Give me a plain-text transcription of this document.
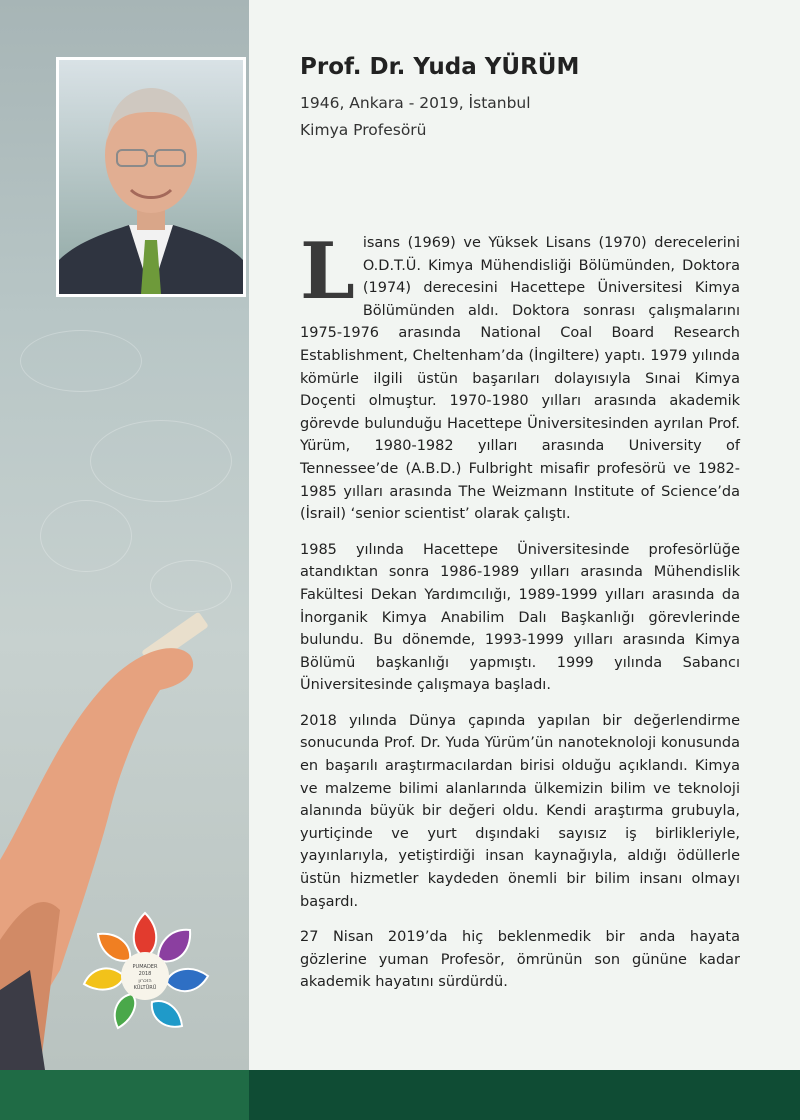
Prof. Dr. Yuda YÜRÜM

1946, Ankara - 2019, İstanbul

Kimya Profesörü

Lisans (1969) ve Yüksek Lisans (1970) derecelerini O.D.T.Ü. Kimya Mühendisliği Bölümünden, Doktora (1974) derecesini Hacettepe Üniversitesi Kimya Bölümünden aldı. Doktora sonrası çalışmalarını 1975-1976 arasında National Coal Board Research Establishment, Cheltenham’da (İngiltere) yaptı. 1979 yılında kömürle ilgili üstün başarıları dolayısıyla Sınai Kimya Doçenti olmuştur. 1970-1980 yılları arasında akademik görevde bulunduğu Hacettepe Üniversitesinden ayrılan Prof. Yürüm, 1980-1982 yılları arasında University of Tennessee’de (A.B.D.) Fulbright misafir profesörü ve 1982-1985 yılları arasında The Weizmann Institute of Science’da (İsrail) ‘senior scientist’ olarak çalıştı.

1985 yılında Hacettepe Üniversitesinde profesörlüğe atandıktan sonra 1986-1989 yılları arasında Mühendislik Fakültesi Dekan Yardımcılığı, 1989-1999 yılları arasında da İnorganik Kimya Anabilim Dalı Başkanlığı görevlerinde bulundu. Bu dönemde, 1993-1999 yılları arasında Kimya Bölümü başkanlığı yapmıştı. 1999 yılında Sabancı Üniversitesinde çalışmaya başladı.

2018 yılında Dünya çapında yapılan bir değerlendirme sonucunda Prof. Dr. Yuda Yürüm’ün nanoteknoloji konusunda en başarılı araştırmacılardan birisi olduğu açıklandı. Kimya ve malzeme bilimi alanlarında ülkemizin bilim ve teknoloji alanında büyük bir değeri oldu. Kendi araştırma grubuyla, yurtiçinde ve yurt dışındaki sayısız iş birlikleriyle, yayınlarıyla, yetiştirdiği insan kaynağıyla, aldığı ödüllerle üstün hizmetler kaydeden önemli bir bilim insanı olmayı başardı.

27 Nisan 2019’da hiç beklenmedik bir anda hayata gözlerine yuman Profesör, ömrünün son gününe kadar akademik hayatını sürdürdü.

PUMADER
2018
הזכרון
KÜLTÜRÜ
